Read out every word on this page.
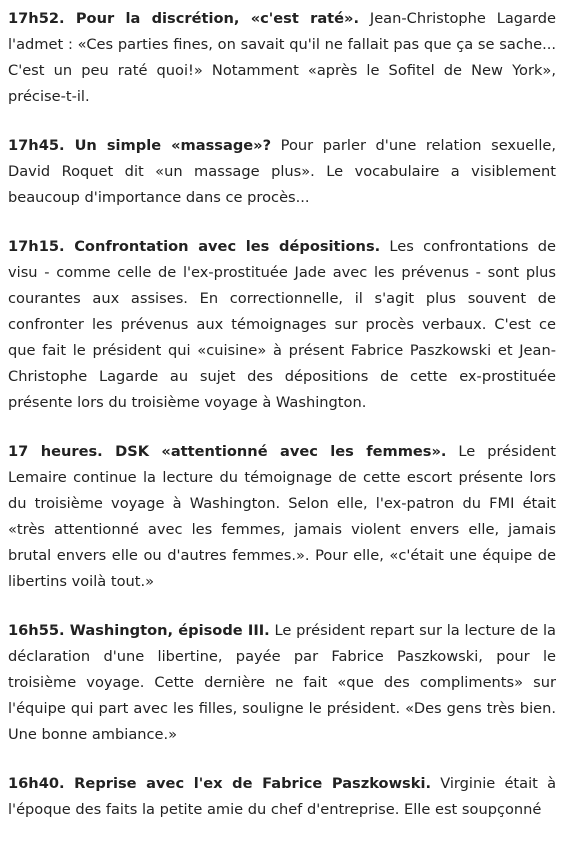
17h52. Pour la discrétion, «c'est raté». Jean-Christophe Lagarde l'admet : «Ces parties fines, on savait qu'il ne fallait pas que ça se sache... C'est un peu raté quoi!» Notamment «après le Sofitel de New York», précise-t-il.

17h45. Un simple «massage»? Pour parler d'une relation sexuelle, David Roquet dit «un massage plus». Le vocabulaire a visiblement beaucoup d'importance dans ce procès...

17h15. Confrontation avec les dépositions. Les confrontations de visu - comme celle de l'ex-prostituée Jade avec les prévenus - sont plus courantes aux assises. En correctionnelle, il s'agit plus souvent de confronter les prévenus aux témoignages sur procès verbaux. C'est ce que fait le président qui «cuisine» à présent Fabrice Paszkowski et Jean-Christophe Lagarde au sujet des dépositions de cette ex-prostituée présente lors du troisième voyage à Washington.

17 heures. DSK «attentionné avec les femmes». Le président Lemaire continue la lecture du témoignage de cette escort présente lors du troisième voyage à Washington. Selon elle, l'ex-patron du FMI était «très attentionné avec les femmes, jamais violent envers elle, jamais brutal envers elle ou d'autres femmes.». Pour elle, «c'était une équipe de libertins voilà tout.»

16h55. Washington, épisode III. Le président repart sur la lecture de la déclaration d'une libertine, payée par Fabrice Paszkowski, pour le troisième voyage. Cette dernière ne fait «que des compliments» sur l'équipe qui part avec les filles, souligne le président. «Des gens très bien. Une bonne ambiance.»

16h40. Reprise avec l'ex de Fabrice Paszkowski. Virginie était à l'époque des faits la petite amie du chef d'entreprise. Elle est soupçonné
